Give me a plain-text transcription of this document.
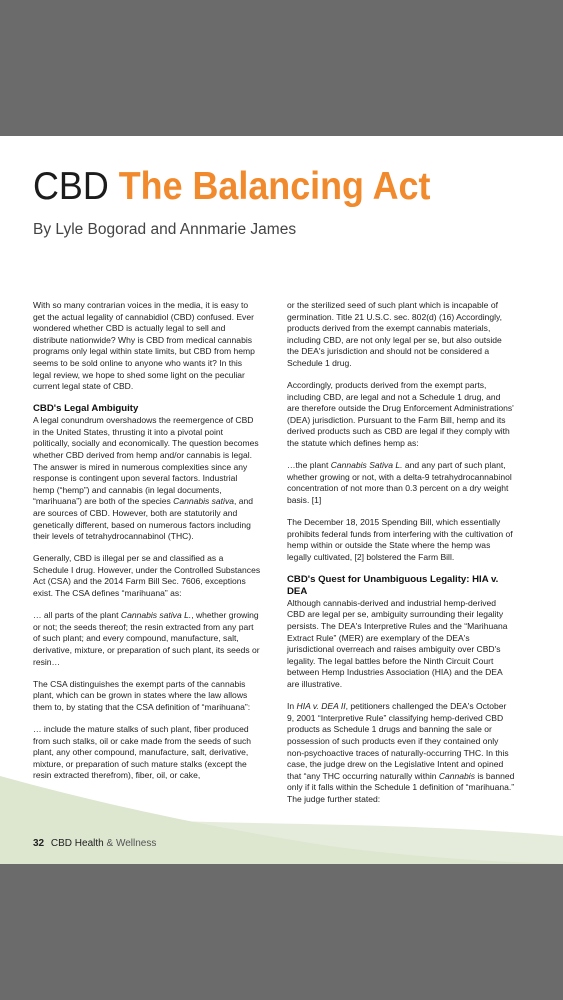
CBD The Balancing Act
By Lyle Bogorad and Annmarie James

With so many contrarian voices in the media, it is easy to get the actual legality of cannabidiol (CBD) confused. Ever wondered whether CBD is actually legal to sell and distribute nationwide? Why is CBD from medical cannabis programs only legal within state limits, but CBD from hemp seems to be sold online to anyone who wants it? In this legal review, we hope to shed some light on the peculiar current legal state of CBD.

CBD's Legal Ambiguity

A legal conundrum overshadows the reemergence of CBD in the United States, thrusting it into a pivotal point politically, socially and economically. The question becomes whether CBD derived from hemp and/or cannabis is legal. The answer is mired in numerous complexities since any response is contingent upon several factors. Industrial hemp (“hemp”) and cannabis (in legal documents, “marihuana”) are both of the species Cannabis sativa, and are sources of CBD. However, both are statutorily and genetically different, based on numerous factors including their levels of tetrahydrocannabinol (THC).

Generally, CBD is illegal per se and classified as a Schedule I drug. However, under the Controlled Substances Act (CSA) and the 2014 Farm Bill Sec. 7606, exceptions exist. The CSA defines “marihuana” as:

… all parts of the plant Cannabis sativa L., whether growing or not; the seeds thereof; the resin extracted from any part of such plant; and every compound, manufacture, salt, derivative, mixture, or preparation of such plant, its seeds or resin…

The CSA distinguishes the exempt parts of the cannabis plant, which can be grown in states where the law allows them to, by stating that the CSA definition of “marihuana”:

… include the mature stalks of such plant, fiber produced from such stalks, oil or cake made from the seeds of such plant, any other compound, manufacture, salt, derivative, mixture, or preparation of such mature stalks (except the resin extracted therefrom), fiber, oil, or cake,

or the sterilized seed of such plant which is incapable of germination. Title 21 U.S.C. sec. 802(d) (16) Accordingly, products derived from the exempt cannabis materials, including CBD, are not only legal per se, but also outside the DEA's jurisdiction and should not be considered a Schedule 1 drug.

Accordingly, products derived from the exempt parts, including CBD, are legal and not a Schedule 1 drug, and are therefore outside the Drug Enforcement Administrations' (DEA) jurisdiction. Pursuant to the Farm Bill, hemp and its derived products such as CBD are legal if they comply with the statute which defines hemp as:

…the plant Cannabis Sativa L. and any part of such plant, whether growing or not, with a delta-9 tetrahydrocannabinol concentration of not more than 0.3 percent on a dry weight basis. [1]

The December 18, 2015 Spending Bill, which essentially prohibits federal funds from interfering with the cultivation of hemp within or outside the State where the hemp was legally cultivated, [2] bolstered the Farm Bill.

CBD's Quest for Unambiguous Legality: HIA v. DEA

Although cannabis-derived and industrial hemp-derived CBD are legal per se, ambiguity surrounding their legality persists. The DEA's Interpretive Rules and the “Marihuana Extract Rule” (MER) are exemplary of the DEA's jurisdictional overreach and raises ambiguity over CBD's legality. The legal battles before the Ninth Circuit Court between Hemp Industries Association (HIA) and the DEA are illustrative.

In HIA v. DEA II, petitioners challenged the DEA's October 9, 2001 “Interpretive Rule” classifying hemp-derived CBD products as Schedule 1 drugs and banning the sale or possession of such products even if they contained only non-psychoactive traces of naturally-occurring THC. In this case, the judge drew on the Legislative Intent and opined that “any THC occurring naturally within Cannabis is banned only if it falls within the Schedule 1 definition of “marihuana.” The judge further stated:

32 CBD Health & Wellness
